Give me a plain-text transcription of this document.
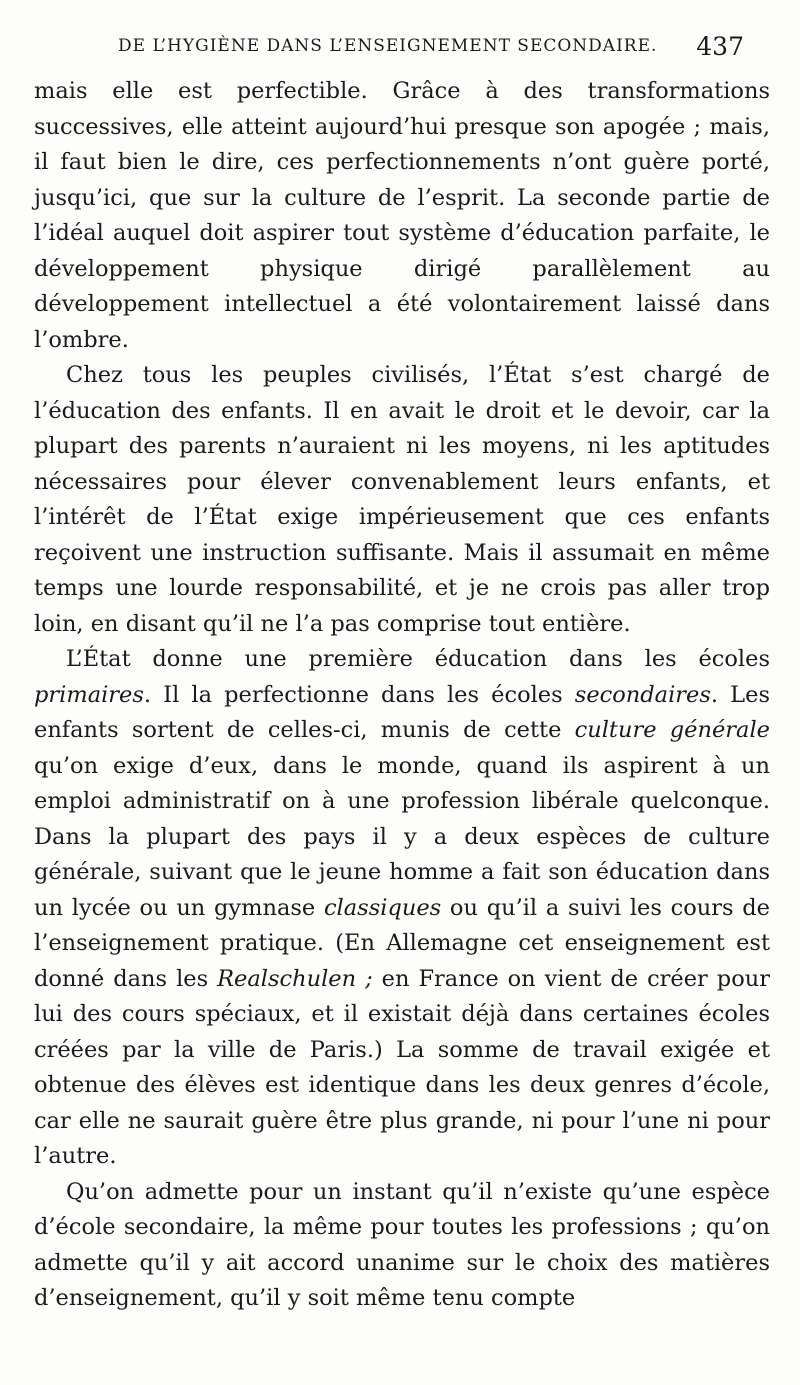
DE L’HYGIÈNE DANS L’ENSEIGNEMENT SECONDAIRE. 437

mais elle est perfectible. Grâce à des transformations successives, elle atteint aujourd’hui presque son apogée ; mais, il faut bien le dire, ces perfectionnements n’ont guère porté, jusqu’ici, que sur la culture de l’esprit. La seconde partie de l’idéal auquel doit aspirer tout système d’éducation parfaite, le développement physique dirigé parallèlement au développement intellectuel a été volontairement laissé dans l’ombre.

Chez tous les peuples civilisés, l’État s’est chargé de l’éducation des enfants. Il en avait le droit et le devoir, car la plupart des parents n’auraient ni les moyens, ni les aptitudes nécessaires pour élever convenablement leurs enfants, et l’intérêt de l’État exige impérieusement que ces enfants reçoivent une instruction suffisante. Mais il assumait en même temps une lourde responsabilité, et je ne crois pas aller trop loin, en disant qu’il ne l’a pas comprise tout entière.

L’État donne une première éducation dans les écoles primaires. Il la perfectionne dans les écoles secondaires. Les enfants sortent de celles-ci, munis de cette culture générale qu’on exige d’eux, dans le monde, quand ils aspirent à un emploi administratif on à une profession libérale quelconque. Dans la plupart des pays il y a deux espèces de culture générale, suivant que le jeune homme a fait son éducation dans un lycée ou un gymnase classiques ou qu’il a suivi les cours de l’enseignement pratique. (En Allemagne cet enseignement est donné dans les Realschulen ; en France on vient de créer pour lui des cours spéciaux, et il existait déjà dans certaines écoles créées par la ville de Paris.) La somme de travail exigée et obtenue des élèves est identique dans les deux genres d’école, car elle ne saurait guère être plus grande, ni pour l’une ni pour l’autre.

Qu’on admette pour un instant qu’il n’existe qu’une espèce d’école secondaire, la même pour toutes les professions ; qu’on admette qu’il y ait accord unanime sur le choix des matières d’enseignement, qu’il y soit même tenu compte
